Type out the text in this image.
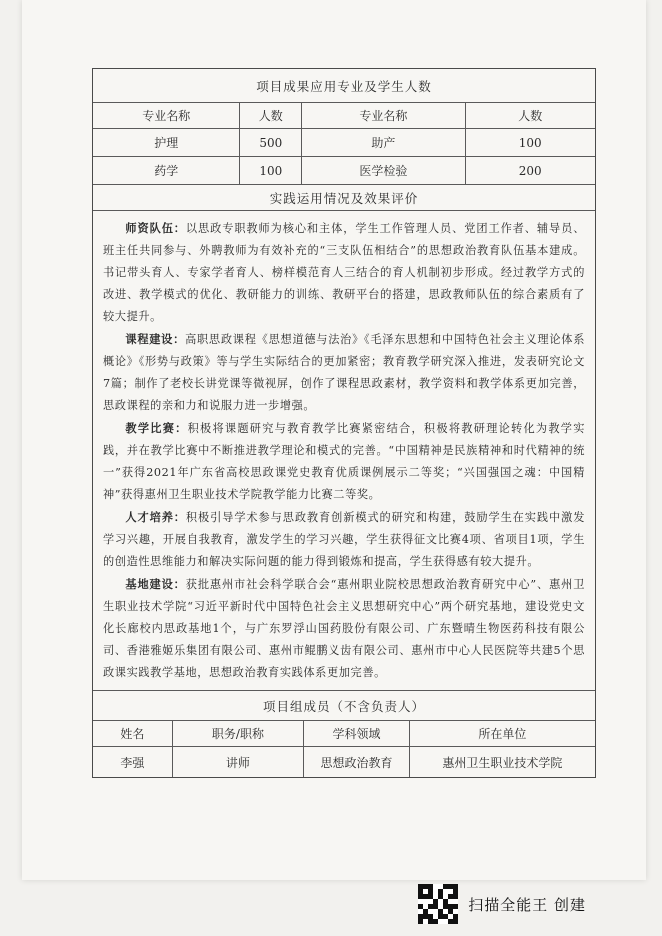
项目成果应用专业及学生人数
专业名称	人数	专业名称	人数
护理	500	助产	100
药学	100	医学检验	200
实践运用情况及效果评价

师资队伍：以思政专职教师为核心和主体，学生工作管理人员、党团工作者、辅导员、班主任共同参与、外聘教师为有效补充的“三支队伍相结合”的思想政治教育队伍基本建成。书记带头育人、专家学者育人、榜样模范育人三结合的育人机制初步形成。经过教学方式的改进、教学模式的优化、教研能力的训练、教研平台的搭建，思政教师队伍的综合素质有了较大提升。

课程建设：高职思政课程《思想道德与法治》《毛泽东思想和中国特色社会主义理论体系概论》《形势与政策》等与学生实际结合的更加紧密；教育教学研究深入推进，发表研究论文7篇；制作了老校长讲党课等微视屏，创作了课程思政素材，教学资料和教学体系更加完善，思政课程的亲和力和说服力进一步增强。

教学比赛：积极将课题研究与教育教学比赛紧密结合，积极将教研理论转化为教学实践，并在教学比赛中不断推进教学理论和模式的完善。“中国精神是民族精神和时代精神的统一”获得2021年广东省高校思政课党史教育优质课例展示二等奖；“兴国强国之魂：中国精神”获得惠州卫生职业技术学院教学能力比赛二等奖。

人才培养：积极引导学术参与思政教育创新模式的研究和构建，鼓励学生在实践中激发学习兴趣，开展自我教育，激发学生的学习兴趣，学生获得征文比赛4项、省项目1项，学生的创造性思维能力和解决实际问题的能力得到锻炼和提高，学生获得感有较大提升。

基地建设：获批惠州市社会科学联合会“惠州职业院校思想政治教育研究中心”、惠州卫生职业技术学院“习近平新时代中国特色社会主义思想研究中心”两个研究基地，建设党史文化长廊校内思政基地1个，与广东罗浮山国药股份有限公司、广东暨晴生物医药科技有限公司、香港雅姬乐集团有限公司、惠州市鲲鹏义齿有限公司、惠州市中心人民医院等共建5个思政课实践教学基地，思想政治教育实践体系更加完善。

项目组成员（不含负责人）
姓名	职务/职称	学科领域	所在单位
李强	讲师	思想政治教育	惠州卫生职业技术学院
扫描全能王 创建
